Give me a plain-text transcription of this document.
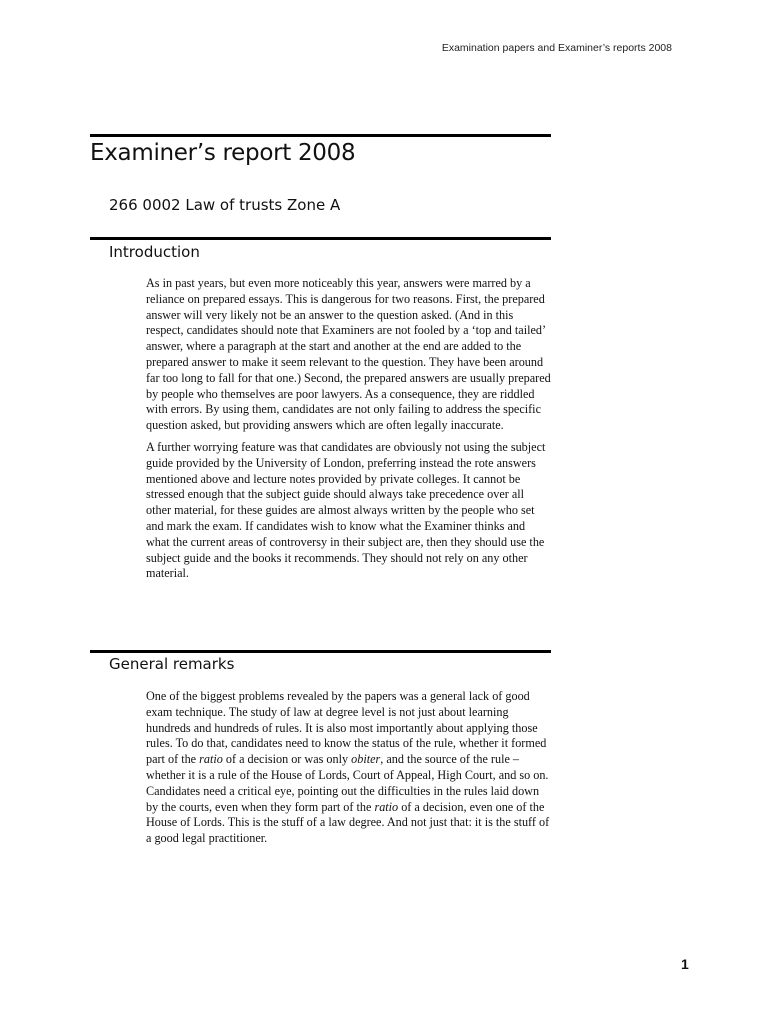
Examination papers and Examiner’s reports 2008
Examiner’s report 2008
266 0002 Law of trusts Zone A
Introduction

As in past years, but even more noticeably this year, answers were marred by a reliance on prepared essays. This is dangerous for two reasons. First, the prepared answer will very likely not be an answer to the question asked. (And in this respect, candidates should note that Examiners are not fooled by a ‘top and tailed’ answer, where a paragraph at the start and another at the end are added to the prepared answer to make it seem relevant to the question. They have been around far too long to fall for that one.) Second, the prepared answers are usually prepared by people who themselves are poor lawyers. As a consequence, they are riddled with errors. By using them, candidates are not only failing to address the specific question asked, but providing answers which are often legally inaccurate.

A further worrying feature was that candidates are obviously not using the subject guide provided by the University of London, preferring instead the rote answers mentioned above and lecture notes provided by private colleges. It cannot be stressed enough that the subject guide should always take precedence over all other material, for these guides are almost always written by the people who set and mark the exam. If candidates wish to know what the Examiner thinks and what the current areas of controversy in their subject are, then they should use the subject guide and the books it recommends. They should not rely on any other material.

General remarks

One of the biggest problems revealed by the papers was a general lack of good exam technique. The study of law at degree level is not just about learning hundreds and hundreds of rules. It is also most importantly about applying those rules. To do that, candidates need to know the status of the rule, whether it formed part of the ratio of a decision or was only obiter, and the source of the rule – whether it is a rule of the House of Lords, Court of Appeal, High Court, and so on. Candidates need a critical eye, pointing out the difficulties in the rules laid down by the courts, even when they form part of the ratio of a decision, even one of the House of Lords. This is the stuff of a law degree. And not just that: it is the stuff of a good legal practitioner.

1
